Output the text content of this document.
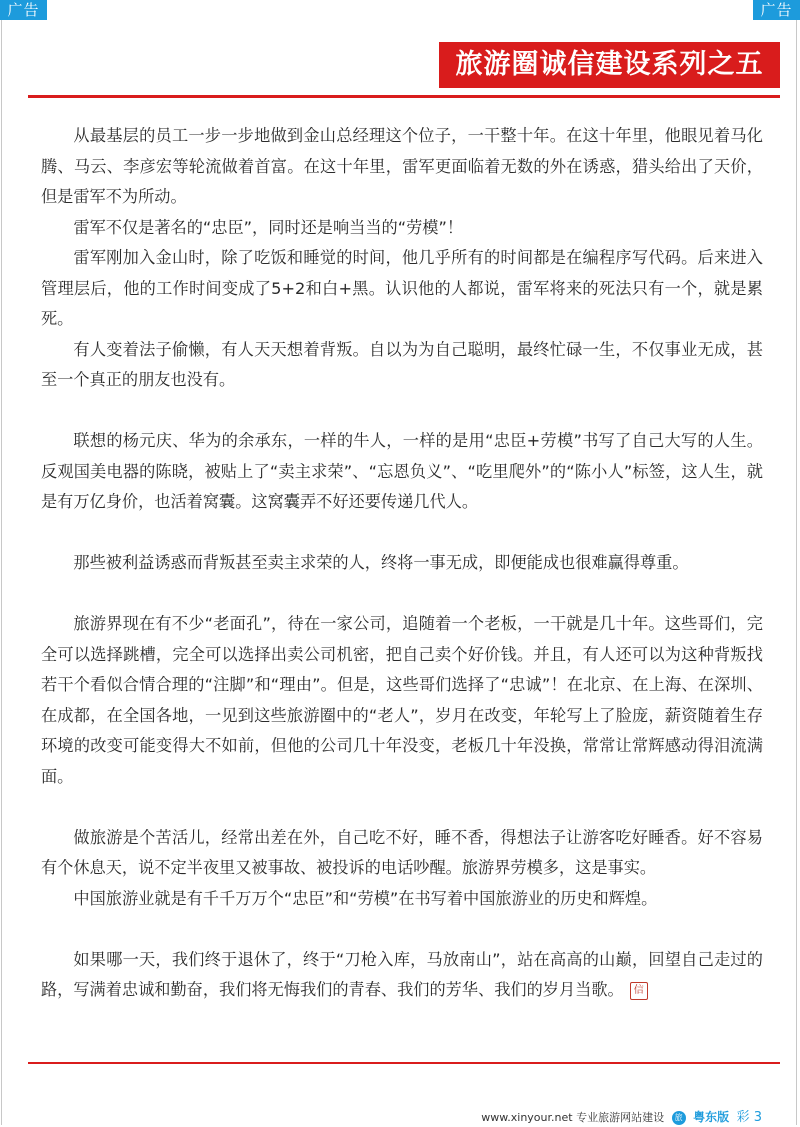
广告	广告
旅游圈诚信建设系列之五

从最基层的员工一步一步地做到金山总经理这个位子，一干整十年。在这十年里，他眼见着马化腾、马云、李彦宏等轮流做着首富。在这十年里，雷军更面临着无数的外在诱惑，猎头给出了天价，但是雷军不为所动。

雷军不仅是著名的“忠臣”，同时还是响当当的“劳模”！

雷军刚加入金山时，除了吃饭和睡觉的时间，他几乎所有的时间都是在编程序写代码。后来进入管理层后，他的工作时间变成了5+2和白+黑。认识他的人都说，雷军将来的死法只有一个，就是累死。

有人变着法子偷懒，有人天天想着背叛。自以为为自己聪明，最终忙碌一生，不仅事业无成，甚至一个真正的朋友也没有。

联想的杨元庆、华为的余承东，一样的牛人，一样的是用“忠臣+劳模”书写了自己大写的人生。反观国美电器的陈晓，被贴上了“卖主求荣”、“忘恩负义”、“吃里爬外”的“陈小人”标签，这人生，就是有万亿身价，也活着窝囊。这窝囊弄不好还要传递几代人。

那些被利益诱惑而背叛甚至卖主求荣的人，终将一事无成，即便能成也很难赢得尊重。

旅游界现在有不少“老面孔”，待在一家公司，追随着一个老板，一干就是几十年。这些哥们，完全可以选择跳槽，完全可以选择出卖公司机密，把自己卖个好价钱。并且，有人还可以为这种背叛找若干个看似合情合理的“注脚”和“理由”。但是，这些哥们选择了“忠诚”！在北京、在上海、在深圳、在成都，在全国各地，一见到这些旅游圈中的“老人”，岁月在改变，年轮写上了脸庞，薪资随着生存环境的改变可能变得大不如前，但他的公司几十年没变，老板几十年没换，常常让常辉感动得泪流满面。

做旅游是个苦活儿，经常出差在外，自己吃不好，睡不香，得想法子让游客吃好睡香。好不容易有个休息天，说不定半夜里又被事故、被投诉的电话吵醒。旅游界劳模多，这是事实。

中国旅游业就是有千千万万个“忠臣”和“劳模”在书写着中国旅游业的历史和辉煌。

如果哪一天，我们终于退休了，终于“刀枪入库，马放南山”，站在高高的山巅，回望自己走过的路，写满着忠诚和勤奋，我们将无悔我们的青春、我们的芳华、我们的岁月当歌。 信

www.xinyour.net 专业旅游网站建设 旅 粤东版 彩 3
